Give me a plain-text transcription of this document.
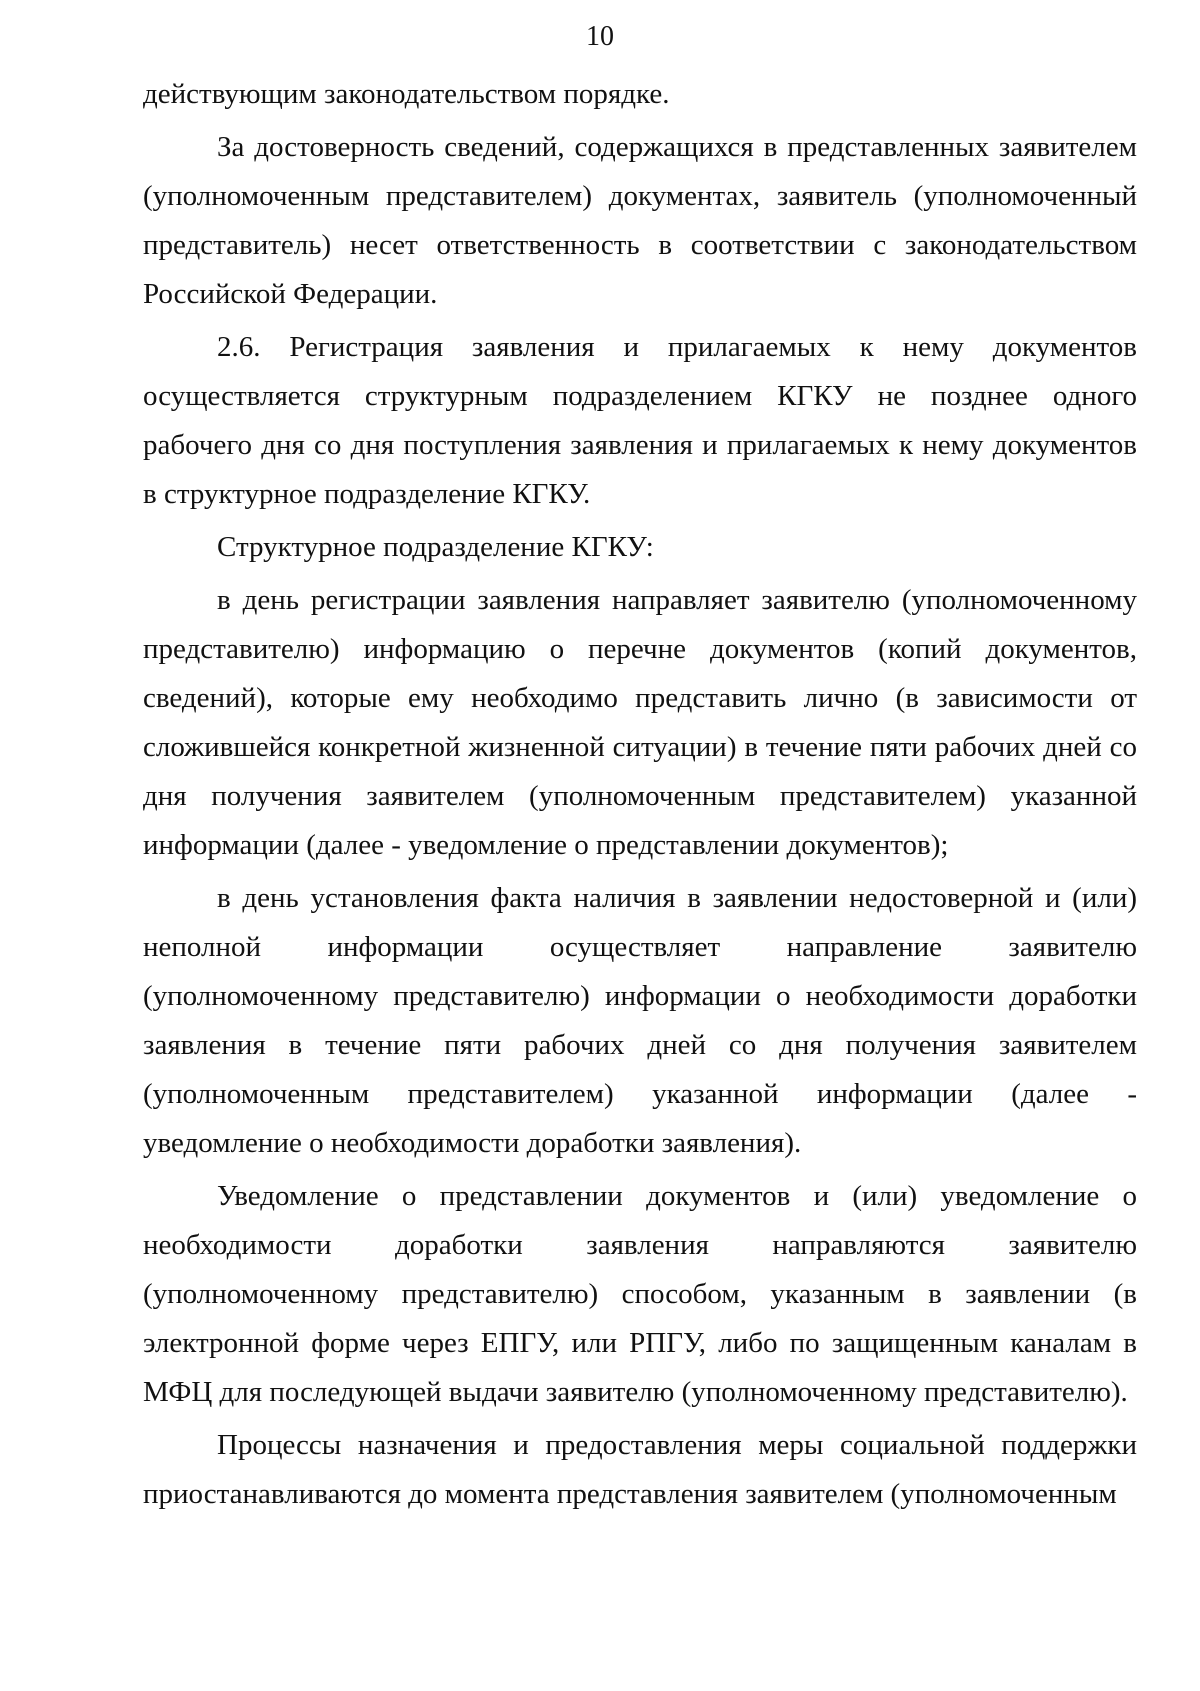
10

действующим законодательством порядке.

За достоверность сведений, содержащихся в представленных заявителем (уполномоченным представителем) документах, заявитель (уполномоченный представитель) несет ответственность в соответствии с законодательством Российской Федерации.

2.6. Регистрация заявления и прилагаемых к нему документов осуществляется структурным подразделением КГКУ не позднее одного рабочего дня со дня поступления заявления и прилагаемых к нему документов в структурное подразделение КГКУ.

Структурное подразделение КГКУ:

в день регистрации заявления направляет заявителю (уполномоченному представителю) информацию о перечне документов (копий документов, сведений), которые ему необходимо представить лично (в зависимости от сложившейся конкретной жизненной ситуации) в течение пяти рабочих дней со дня получения заявителем (уполномоченным представителем) указанной информации (далее - уведомление о представлении документов);

в день установления факта наличия в заявлении недостоверной и (или) неполной информации осуществляет направление заявителю (уполномоченному представителю) информации о необходимости доработки заявления в течение пяти рабочих дней со дня получения заявителем (уполномоченным представителем) указанной информации (далее - уведомление о необходимости доработки заявления).

Уведомление о представлении документов и (или) уведомление о необходимости доработки заявления направляются заявителю (уполномоченному представителю) способом, указанным в заявлении (в электронной форме через ЕПГУ, или РПГУ, либо по защищенным каналам в МФЦ для последующей выдачи заявителю (уполномоченному представителю).

Процессы назначения и предоставления меры социальной поддержки приостанавливаются до момента представления заявителем (уполномоченным
